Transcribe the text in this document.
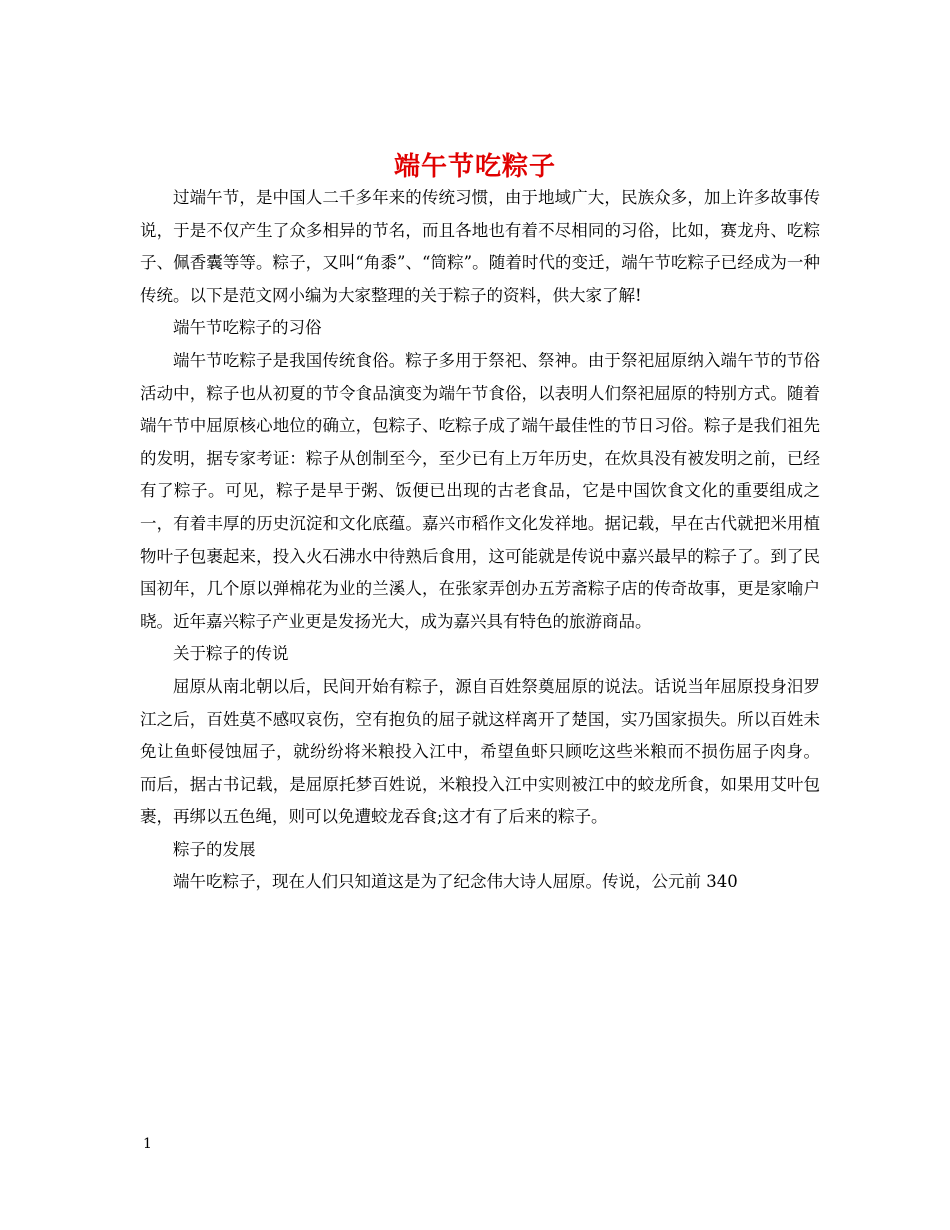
端午节吃粽子

过端午节，是中国人二千多年来的传统习惯，由于地域广大，民族众多，加上许多故事传说，于是不仅产生了众多相异的节名，而且各地也有着不尽相同的习俗，比如，赛龙舟、吃粽子、佩香囊等等。粽子，又叫“角黍”、“筒粽”。随着时代的变迁，端午节吃粽子已经成为一种传统。以下是范文网小编为大家整理的关于粽子的资料，供大家了解!

端午节吃粽子的习俗

端午节吃粽子是我国传统食俗。粽子多用于祭祀、祭神。由于祭祀屈原纳入端午节的节俗活动中，粽子也从初夏的节令食品演变为端午节食俗，以表明人们祭祀屈原的特别方式。随着端午节中屈原核心地位的确立，包粽子、吃粽子成了端午最佳性的节日习俗。粽子是我们祖先的发明，据专家考证：粽子从创制至今，至少已有上万年历史，在炊具没有被发明之前，已经有了粽子。可见，粽子是早于粥、饭便已出现的古老食品，它是中国饮食文化的重要组成之一，有着丰厚的历史沉淀和文化底蕴。嘉兴市稻作文化发祥地。据记载，早在古代就把米用植物叶子包裹起来，投入火石沸水中待熟后食用，这可能就是传说中嘉兴最早的粽子了。到了民国初年，几个原以弹棉花为业的兰溪人，在张家弄创办五芳斋粽子店的传奇故事，更是家喻户晓。近年嘉兴粽子产业更是发扬光大，成为嘉兴具有特色的旅游商品。

关于粽子的传说

屈原从南北朝以后，民间开始有粽子，源自百姓祭奠屈原的说法。话说当年屈原投身汨罗江之后，百姓莫不感叹哀伤，空有抱负的屈子就这样离开了楚国，实乃国家损失。所以百姓未免让鱼虾侵蚀屈子，就纷纷将米粮投入江中，希望鱼虾只顾吃这些米粮而不损伤屈子肉身。 而后，据古书记载，是屈原托梦百姓说，米粮投入江中实则被江中的蛟龙所食，如果用艾叶包裹，再绑以五色绳，则可以免遭蛟龙吞食;这才有了后来的粽子。

粽子的发展

端午吃粽子，现在人们只知道这是为了纪念伟大诗人屈原。传说，公元前 340

1
